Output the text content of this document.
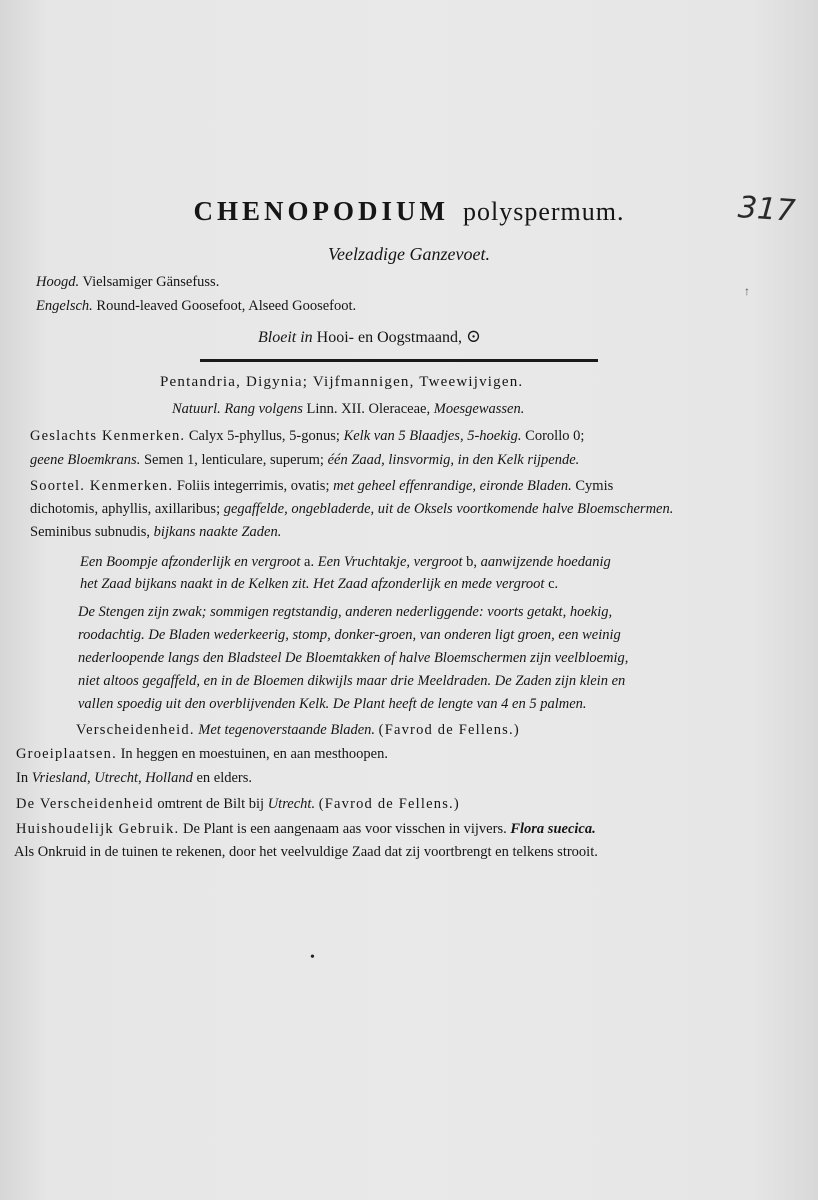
CHENOPODIUM polyspermum.	317
Veelzadige Ganzevoet.
Hoogd. Vielsamiger Gänsefuss.
Engelsch. Round-leaved Goosefoot, Alseed Goosefoot.
Bloeit in Hooi- en Oogstmaand, ⊙
Pentandria, Digynia; Vijfmannigen, Tweewijvigen.
Natuurl. Rang volgens Linn. XII. Oleraceae, Moesgewassen.
Geslachts Kenmerken. Calyx 5-phyllus, 5-gonus; Kelk van 5 Blaadjes, 5-hoekig. Corollo 0;
geene Bloemkrans. Semen 1, lenticulare, superum; één Zaad, linsvormig, in den Kelk rijpende.
Soortel. Kenmerken. Foliis integerrimis, ovatis; met geheel effenrandige, eironde Bladen. Cymis
dichotomis, aphyllis, axillaribus; gegaffelde, ongebladerde, uit de Oksels voortkomende halve Bloemschermen.
Seminibus subnudis, bijkans naakte Zaden.
Een Boompje afzonderlijk en vergroot a. Een Vruchtakje, vergroot b, aanwijzende hoedanig
het Zaad bijkans naakt in de Kelken zit. Het Zaad afzonderlijk en mede vergroot c.
De Stengen zijn zwak; sommigen regtstandig, anderen nederliggende: voorts getakt, hoekig,
roodachtig. De Bladen wederkeerig, stomp, donker-groen, van onderen ligt groen, een weinig
nederloopende langs den Bladsteel De Bloemtakken of halve Bloemschermen zijn veelbloemig,
niet altoos gegaffeld, en in de Bloemen dikwijls maar drie Meeldraden. De Zaden zijn klein en
vallen spoedig uit den overblijvenden Kelk. De Plant heeft de lengte van 4 en 5 palmen.
Verscheidenheid. Met tegenoverstaande Bladen. (Favrod de Fellens.)
Groeiplaatsen. In heggen en moestuinen, en aan mesthoopen.
In Vriesland, Utrecht, Holland en elders.
De Verscheidenheid omtrent de Bilt bij Utrecht. (Favrod de Fellens.)
Huishoudelijk Gebruik. De Plant is een aangenaam aas voor visschen in vijvers. Flora suecica.
Als Onkruid in de tuinen te rekenen, door het veelvuldige Zaad dat zij voortbrengt en telkens strooit.
↑
•
